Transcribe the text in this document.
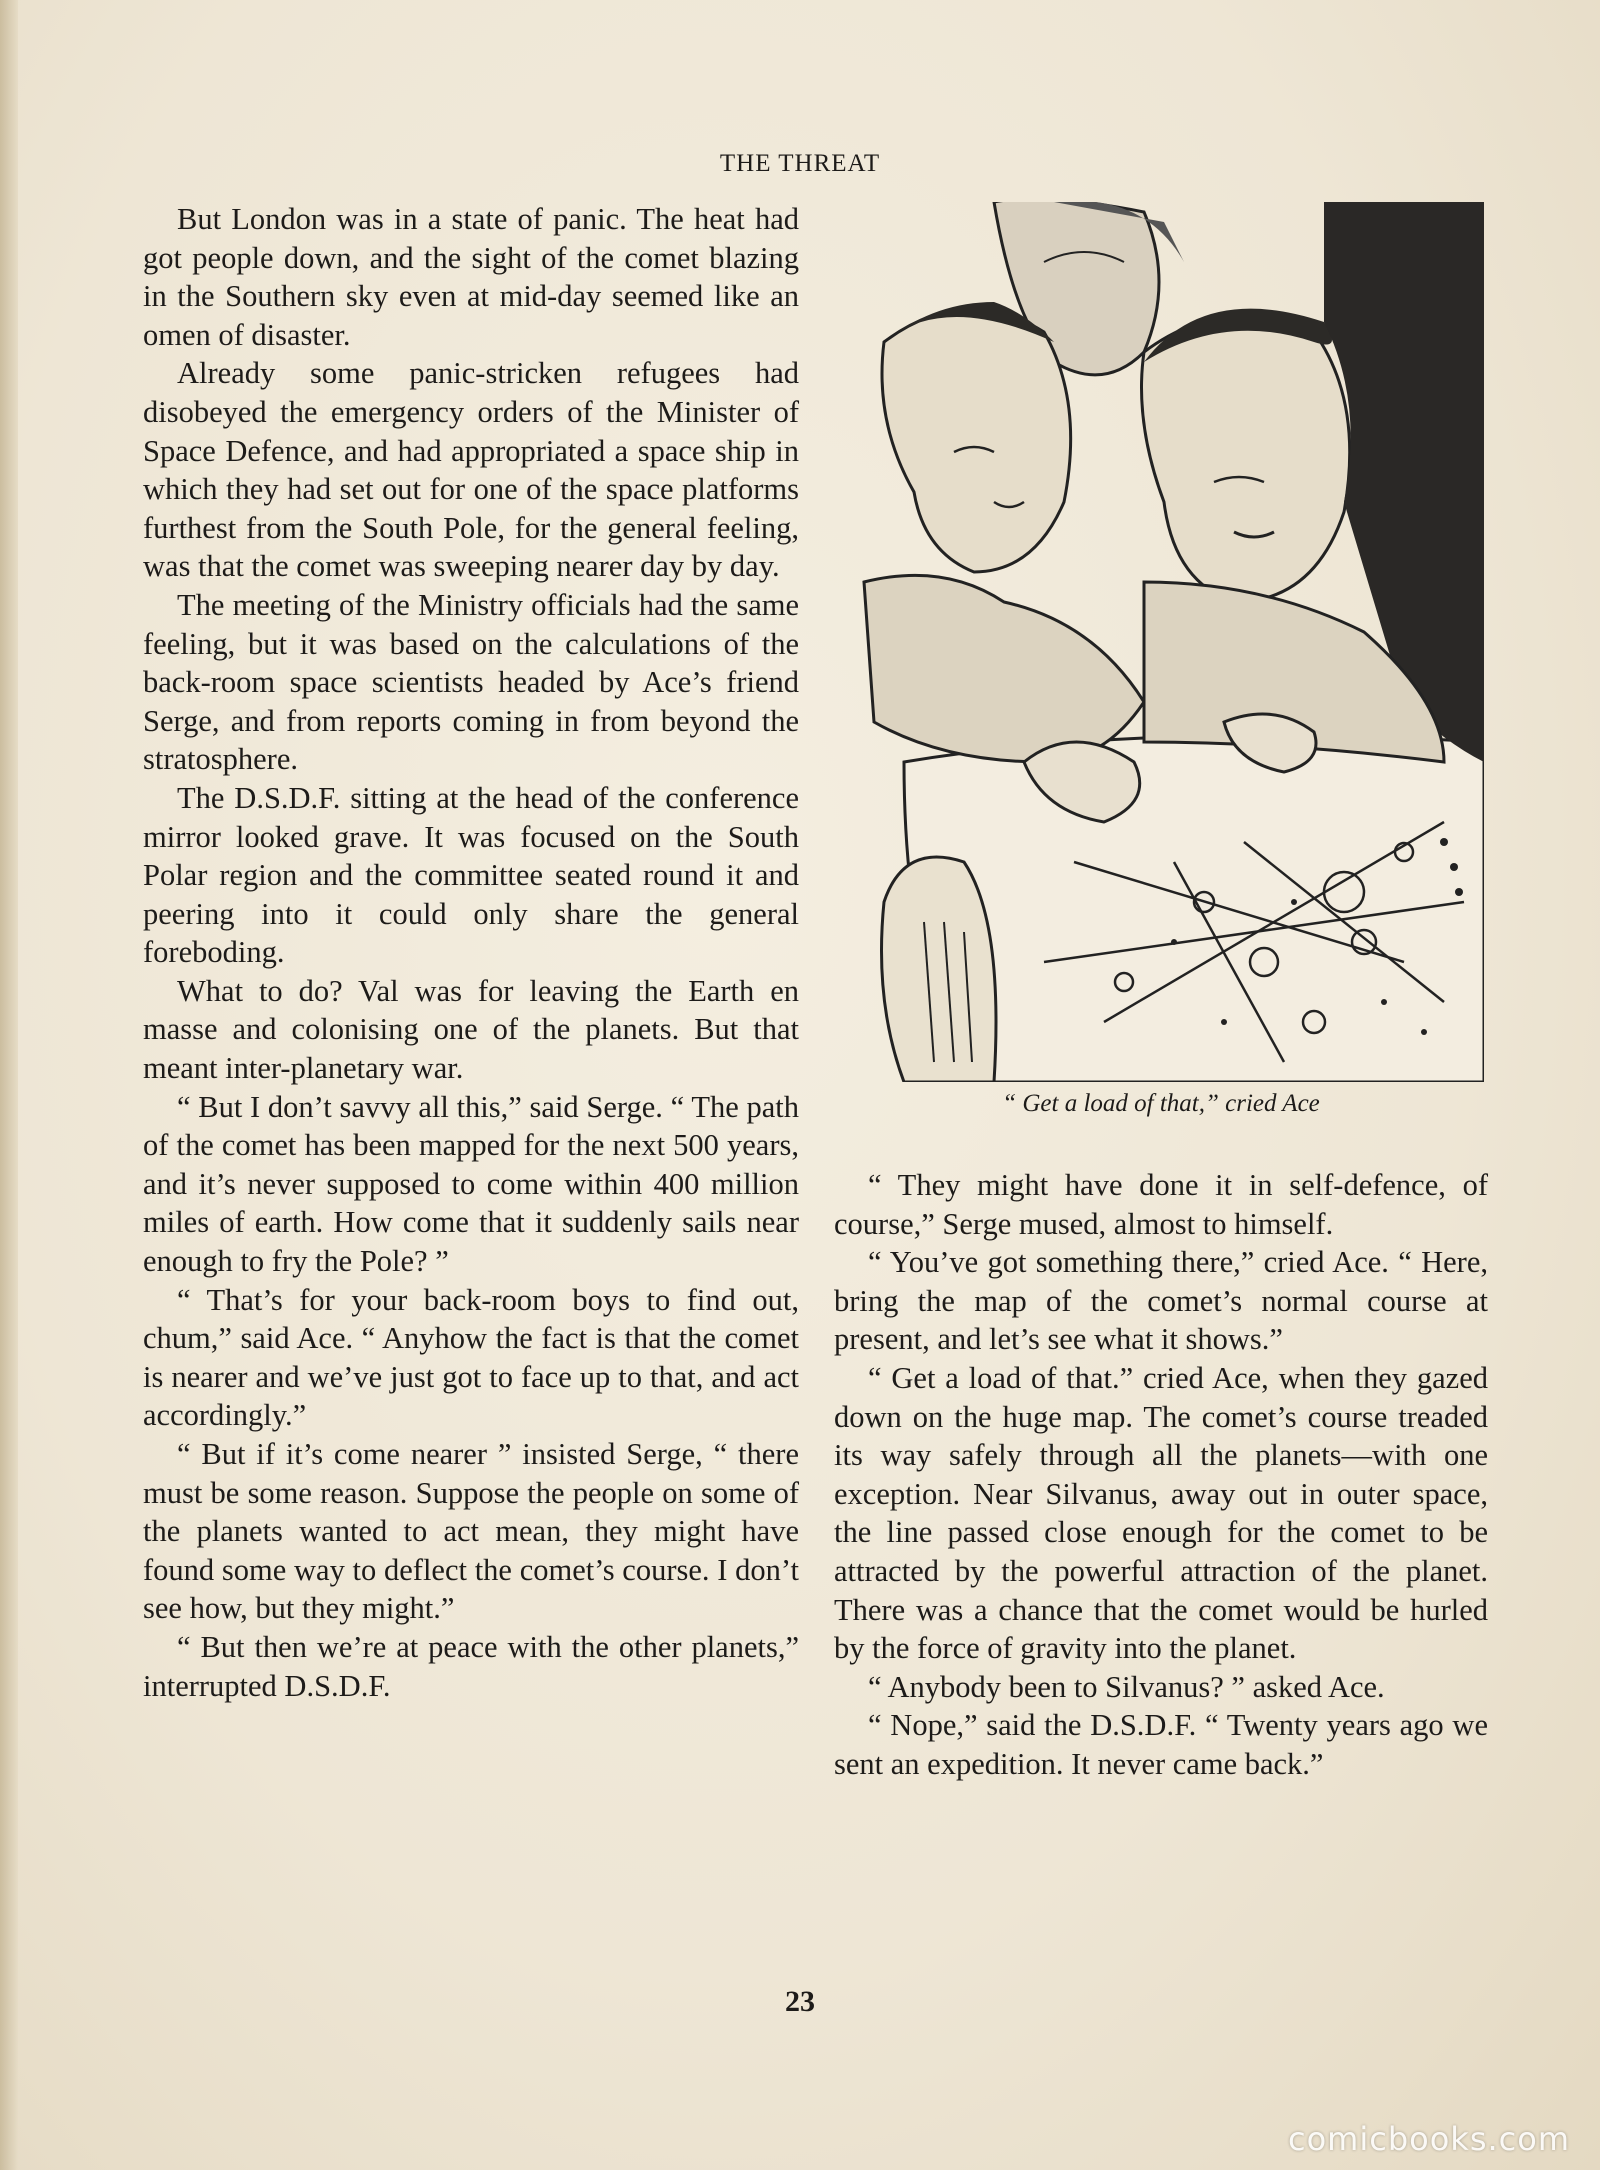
THE THREAT

But London was in a state of panic. The heat had got people down, and the sight of the comet blazing in the Southern sky even at mid-day seemed like an omen of disaster.

Already some panic-stricken refugees had disobeyed the emergency orders of the Minister of Space Defence, and had appropriated a space ship in which they had set out for one of the space platforms furthest from the South Pole, for the general feeling, was that the comet was sweeping nearer day by day.

The meeting of the Ministry officials had the same feeling, but it was based on the calculations of the back-room space scientists headed by Ace’s friend Serge, and from reports coming in from beyond the stratosphere.

The D.S.D.F. sitting at the head of the conference mirror looked grave. It was focused on the South Polar region and the committee seated round it and peering into it could only share the general foreboding.

What to do? Val was for leaving the Earth en masse and colonising one of the planets. But that meant inter-planetary war.

“ But I don’t savvy all this,” said Serge. “ The path of the comet has been mapped for the next 500 years, and it’s never supposed to come within 400 million miles of earth. How come that it suddenly sails near enough to fry the Pole? ”

“ That’s for your back-room boys to find out, chum,” said Ace. “ Anyhow the fact is that the comet is nearer and we’ve just got to face up to that, and act accordingly.”

“ But if it’s come nearer ” insisted Serge, “ there must be some reason. Suppose the people on some of the planets wanted to act mean, they might have found some way to deflect the comet’s course. I don’t see how, but they might.”

“ But then we’re at peace with the other planets,” interrupted D.S.D.F.

“ Get a load of that,” cried Ace

“ They might have done it in self-defence, of course,” Serge mused, almost to himself.

“ You’ve got something there,” cried Ace. “ Here, bring the map of the comet’s normal course at present, and let’s see what it shows.”

“ Get a load of that.” cried Ace, when they gazed down on the huge map. The comet’s course treaded its way safely through all the planets—with one exception. Near Silvanus, away out in outer space, the line passed close enough for the comet to be attracted by the powerful attraction of the planet. There was a chance that the comet would be hurled by the force of gravity into the planet.

“ Anybody been to Silvanus? ” asked Ace.

“ Nope,” said the D.S.D.F. “ Twenty years ago we sent an expedition. It never came back.”

23
comicbooks.com
